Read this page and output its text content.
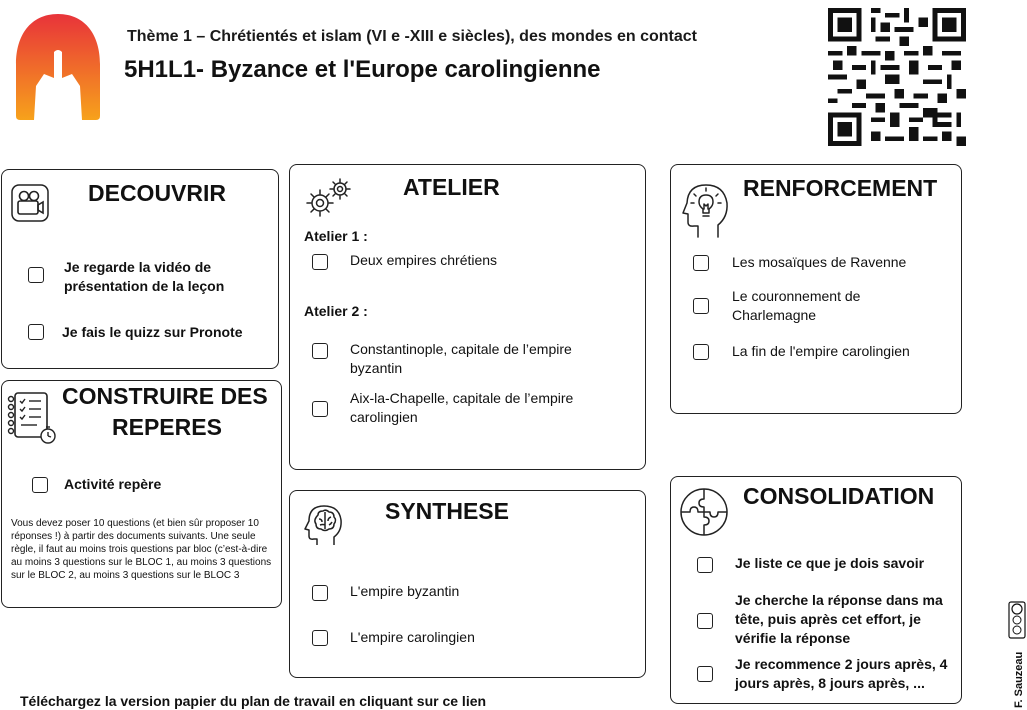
Thème 1 – Chrétientés et islam (VI e -XIII e siècles), des mondes en contact
5H1L1- Byzance et l'Europe carolingienne
DECOUVRIR
Je regarde la vidéo de présentation de la leçon
Je fais le quizz sur Pronote
CONSTRUIRE DES
REPERES
Activité repère
Vous devez poser 10 questions (et bien sûr proposer 10 réponses !) à partir des documents suivants. Une seule règle, il faut au moins trois questions par bloc (c’est-à-dire au moins 3 questions sur le BLOC 1, au moins 3 questions sur le BLOC 2, au moins 3 questions sur le BLOC 3
ATELIER
Atelier 1 :
Deux empires chrétiens
Atelier 2 :
Constantinople, capitale de l’empire byzantin
Aix-la-Chapelle, capitale de l’empire carolingien
SYNTHESE
L'empire byzantin
L'empire carolingien
RENFORCEMENT
Les mosaïques de Ravenne
Le couronnement de Charlemagne
La fin de l'empire carolingien
CONSOLIDATION
Je liste ce que je dois savoir
Je cherche la réponse dans ma tête, puis après cet effort, je vérifie la réponse
Je recommence 2 jours après, 4 jours après, 8 jours après, ...
Téléchargez la version papier du plan de travail en cliquant sur ce lien	F. Sauzeau
